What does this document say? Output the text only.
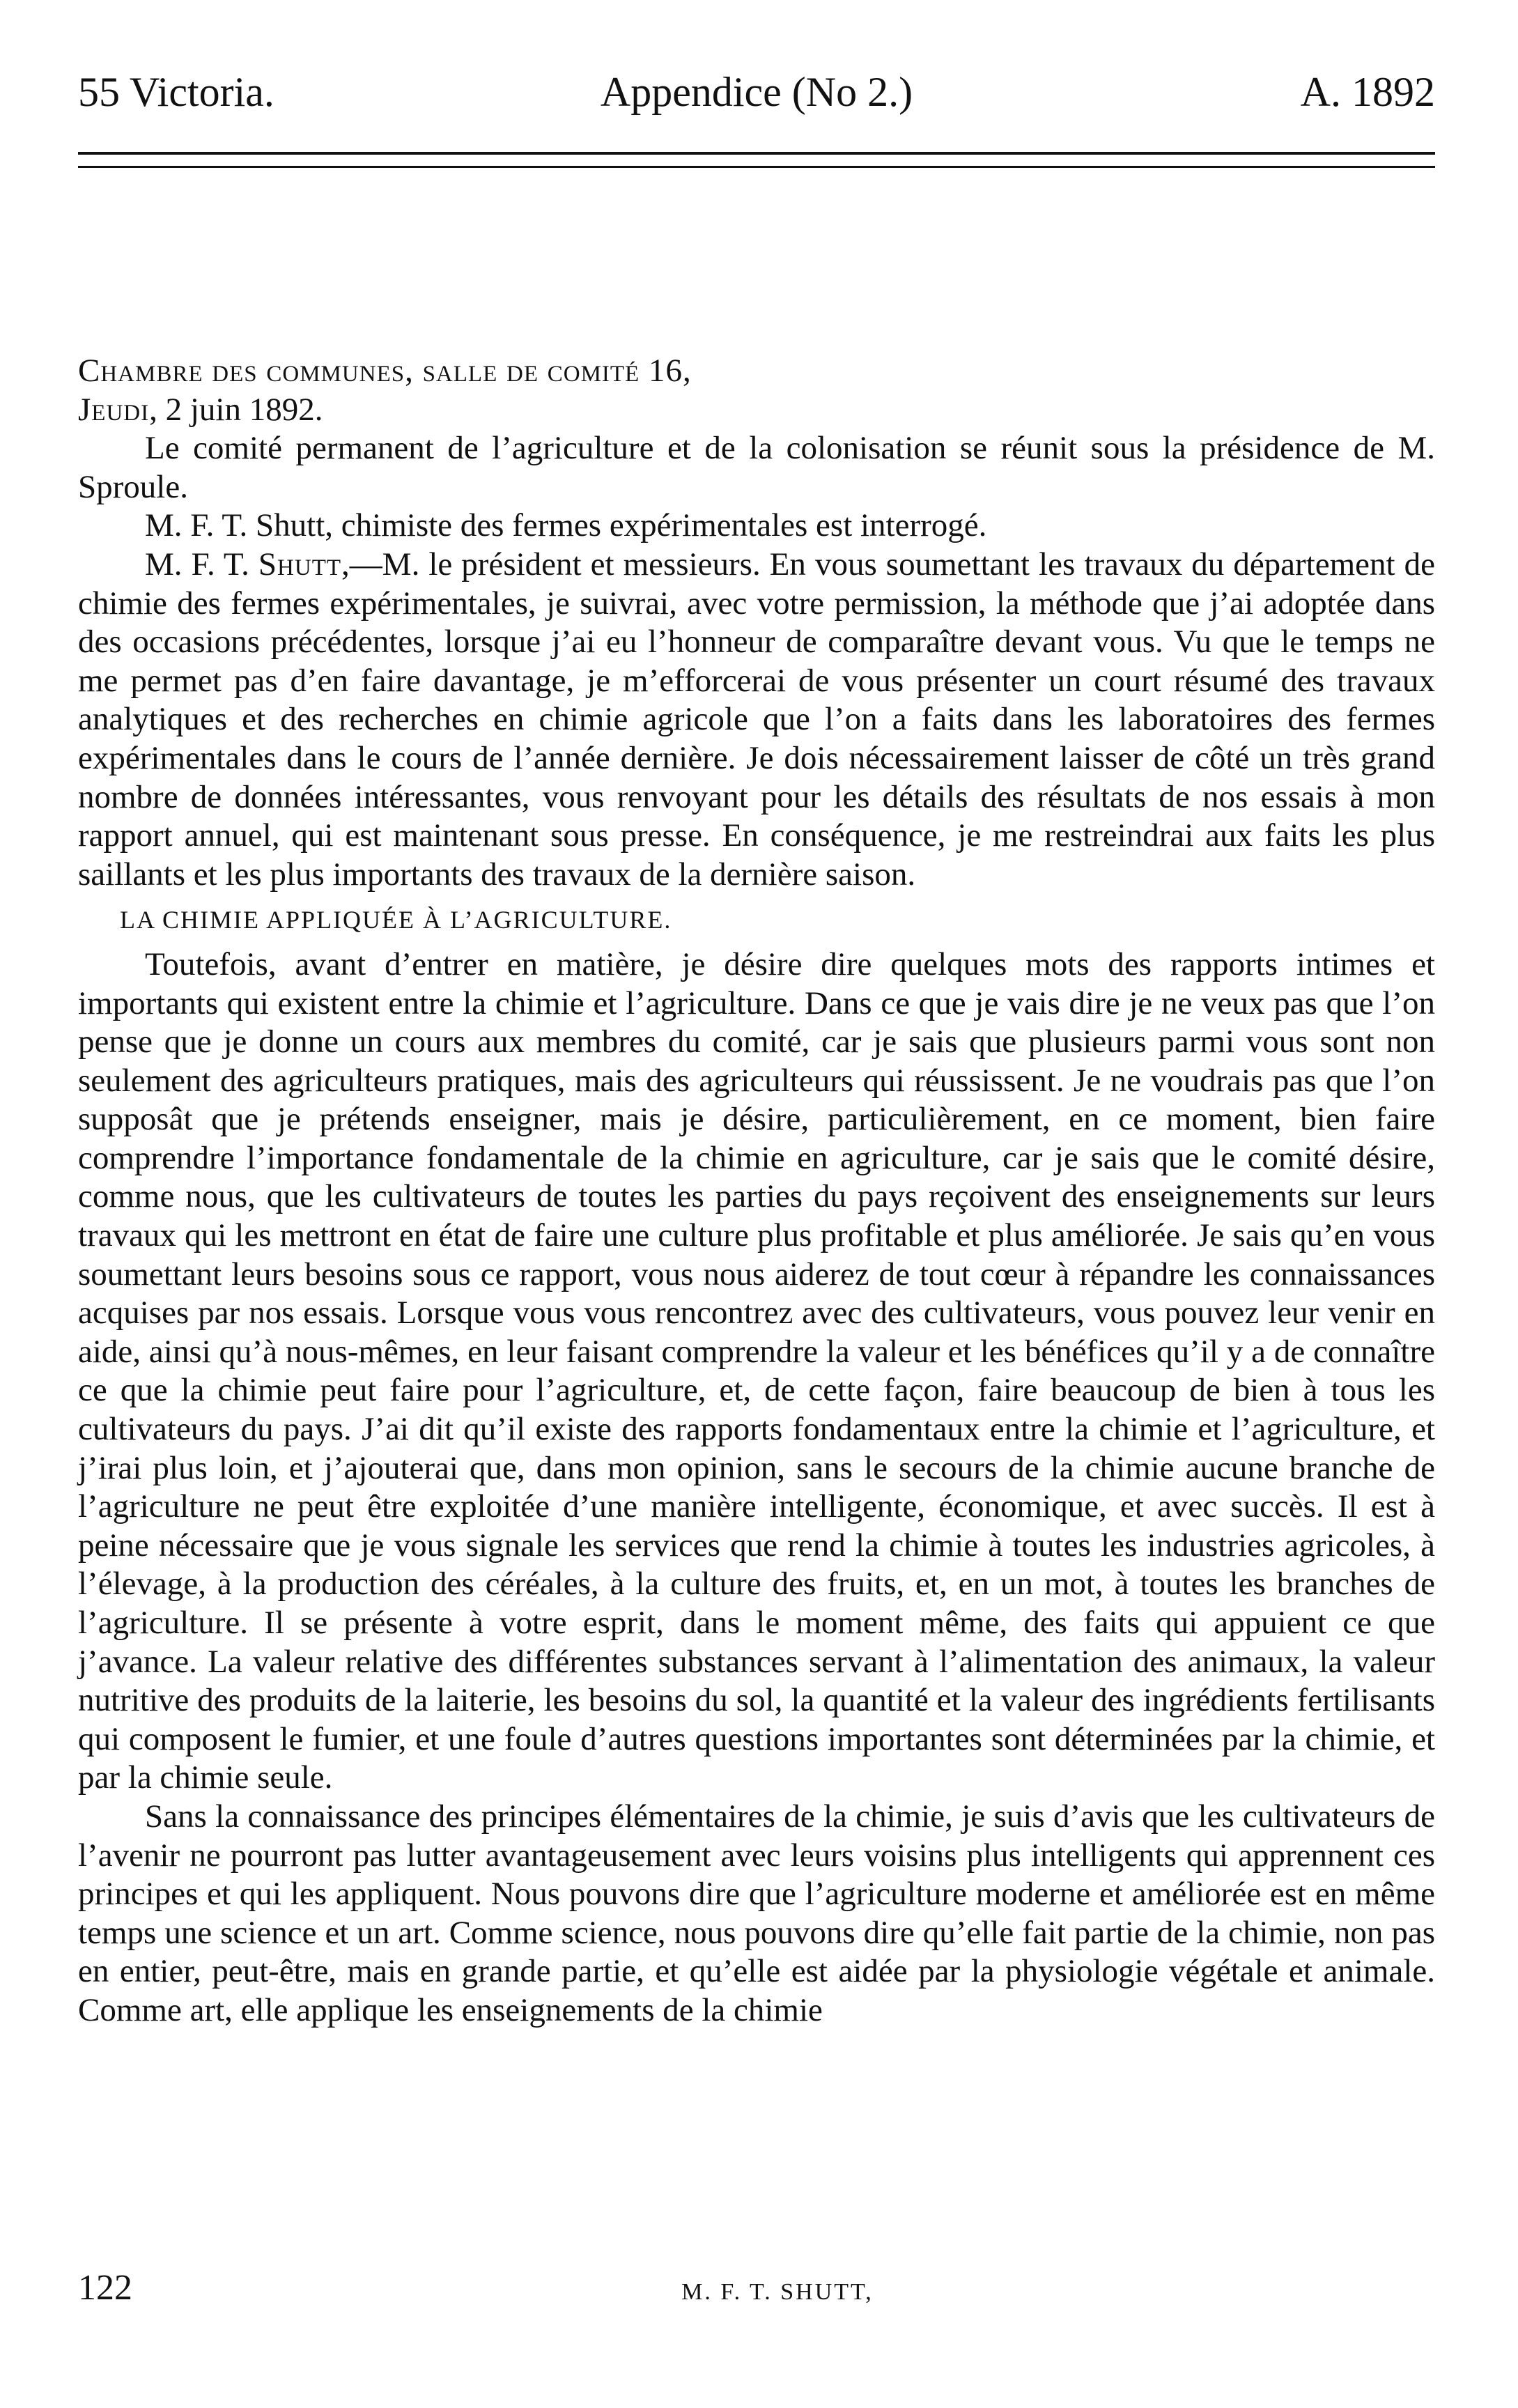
55 Victoria.	Appendice (No 2.)	A. 1892

Chambre des communes, salle de comité 16,

Jeudi, 2 juin 1892.

Le comité permanent de l’agriculture et de la colonisation se réunit sous la présidence de M. Sproule.

M. F. T. Shutt, chimiste des fermes expérimentales est interrogé.

M. F. T. Shutt,—M. le président et messieurs. En vous soumettant les travaux du département de chimie des fermes expérimentales, je suivrai, avec votre permission, la méthode que j’ai adoptée dans des occasions précédentes, lorsque j’ai eu l’honneur de comparaître devant vous. Vu que le temps ne me permet pas d’en faire davantage, je m’efforcerai de vous présenter un court résumé des travaux analytiques et des recherches en chimie agricole que l’on a faits dans les laboratoires des fermes expérimentales dans le cours de l’année dernière. Je dois nécessairement laisser de côté un très grand nombre de données intéressantes, vous renvoyant pour les détails des résultats de nos essais à mon rapport annuel, qui est maintenant sous presse. En conséquence, je me restreindrai aux faits les plus saillants et les plus importants des travaux de la dernière saison.

LA CHIMIE APPLIQUÉE À L’AGRICULTURE.

Toutefois, avant d’entrer en matière, je désire dire quelques mots des rapports intimes et importants qui existent entre la chimie et l’agriculture. Dans ce que je vais dire je ne veux pas que l’on pense que je donne un cours aux membres du comité, car je sais que plusieurs parmi vous sont non seulement des agriculteurs pratiques, mais des agriculteurs qui réussissent. Je ne voudrais pas que l’on supposât que je prétends enseigner, mais je désire, particulièrement, en ce moment, bien faire comprendre l’importance fondamentale de la chimie en agriculture, car je sais que le comité désire, comme nous, que les cultivateurs de toutes les parties du pays reçoivent des enseignements sur leurs travaux qui les mettront en état de faire une culture plus profitable et plus améliorée. Je sais qu’en vous soumettant leurs besoins sous ce rapport, vous nous aiderez de tout cœur à répandre les connaissances acquises par nos essais. Lorsque vous vous rencontrez avec des cultivateurs, vous pouvez leur venir en aide, ainsi qu’à nous-mêmes, en leur faisant comprendre la valeur et les bénéfices qu’il y a de connaître ce que la chimie peut faire pour l’agriculture, et, de cette façon, faire beaucoup de bien à tous les cultivateurs du pays. J’ai dit qu’il existe des rapports fondamentaux entre la chimie et l’agriculture, et j’irai plus loin, et j’ajouterai que, dans mon opinion, sans le secours de la chimie aucune branche de l’agriculture ne peut être exploitée d’une manière intelligente, économique, et avec succès. Il est à peine nécessaire que je vous signale les services que rend la chimie à toutes les industries agricoles, à l’élevage, à la production des céréales, à la culture des fruits, et, en un mot, à toutes les branches de l’agriculture. Il se présente à votre esprit, dans le moment même, des faits qui appuient ce que j’avance. La valeur relative des différentes substances servant à l’alimentation des animaux, la valeur nutritive des produits de la laiterie, les besoins du sol, la quantité et la valeur des ingrédients fertilisants qui composent le fumier, et une foule d’autres questions importantes sont déterminées par la chimie, et par la chimie seule.

Sans la connaissance des principes élémentaires de la chimie, je suis d’avis que les cultivateurs de l’avenir ne pourront pas lutter avantageusement avec leurs voisins plus intelligents qui apprennent ces principes et qui les appliquent. Nous pouvons dire que l’agriculture moderne et améliorée est en même temps une science et un art. Comme science, nous pouvons dire qu’elle fait partie de la chimie, non pas en entier, peut-être, mais en grande partie, et qu’elle est aidée par la physiologie végétale et animale. Comme art, elle applique les enseignements de la chimie

122	M. F. T. SHUTT,
